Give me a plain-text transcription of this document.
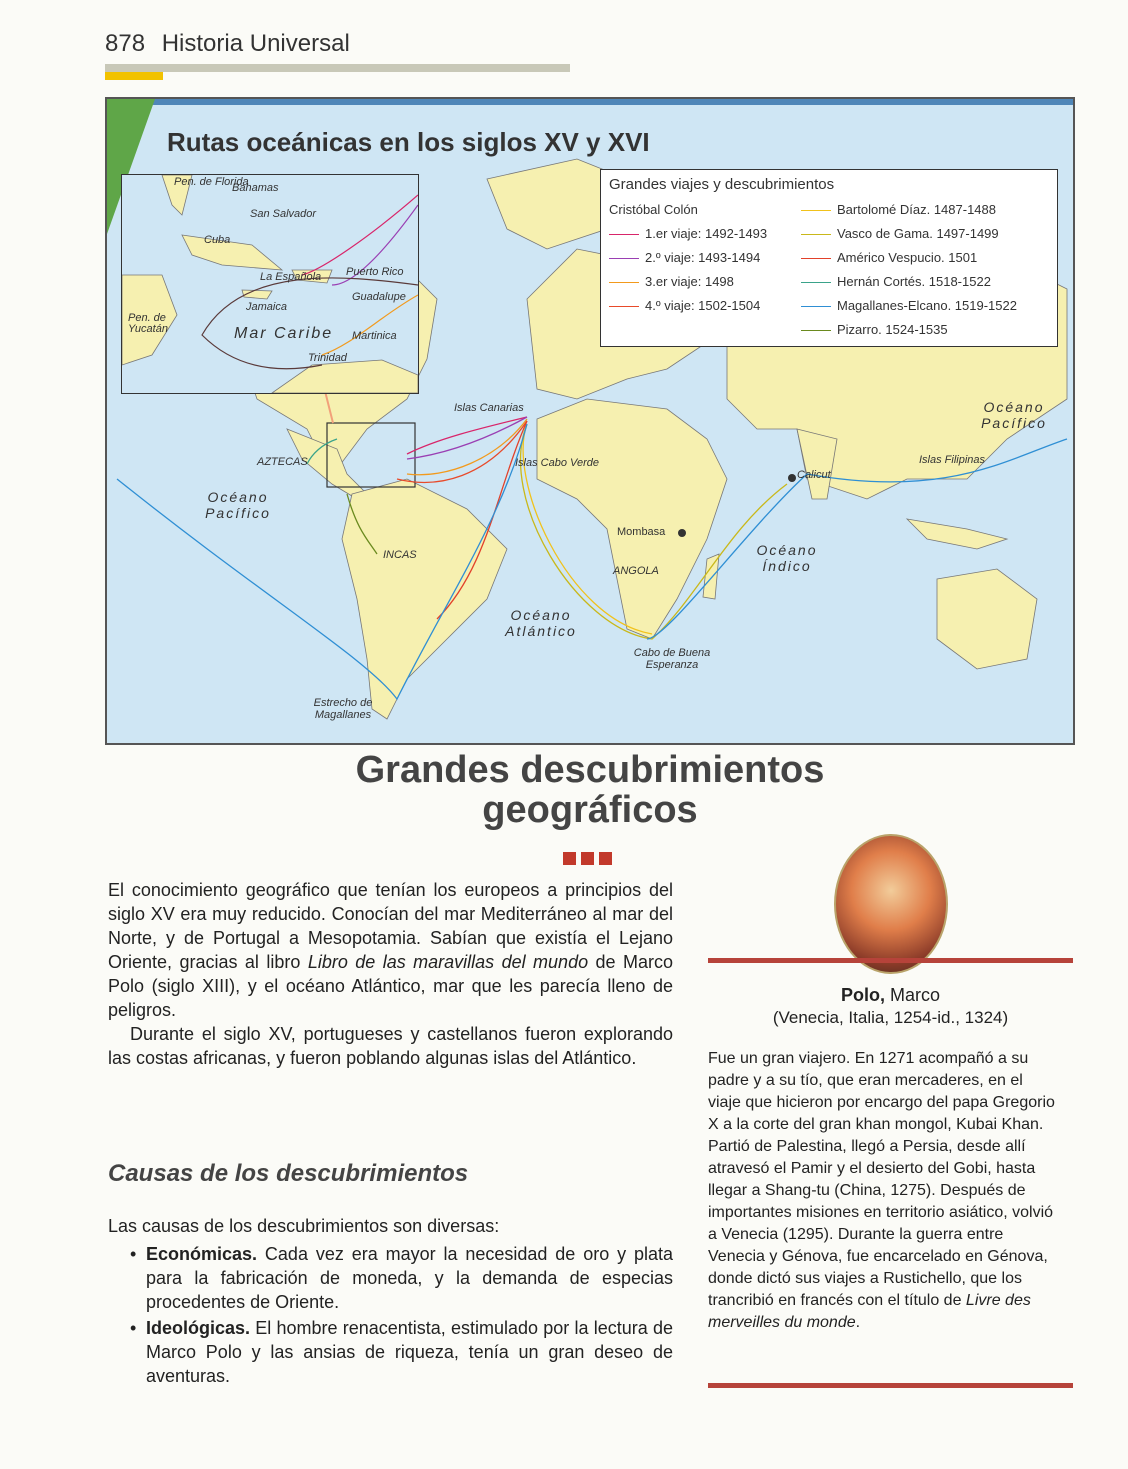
878 Historia Universal
Rutas oceánicas en los siglos XV y XVI
Pen. de Florida
Bahamas
San Salvador
Cuba
La Española Puerto Rico
Guadalupe
Jamaica
Pen. de Yucatán	Mar Caribe Martinica
Trinidad
Grandes viajes y descubrimientos
Cristóbal Colón
1.er viaje: 1492-1493
2.º viaje: 1493-1494
3.er viaje: 1498
4.º viaje: 1502-1504
Bartolomé Díaz. 1487-1488
Vasco de Gama. 1497-1499
Américo Vespucio. 1501
Hernán Cortés. 1518-1522
Magallanes-Elcano. 1519-1522
Pizarro. 1524-1535
Islas Canarias
AZTECAS	Islas Cabo Verde
Calicut
Islas Filipinas
Mombasa
ANGOLA
INCAS
Cabo de Buena Esperanza
Estrecho de Magallanes
Océano Pacífico
Océano Pacífico
Océano Atlántico
Océano Índico
Grandes descubrimientos geográficos

El conocimiento geográfico que tenían los europeos a principios del siglo XV era muy reducido. Conocían del mar Mediterráneo al mar del Norte, y de Portugal a Mesopotamia. Sabían que existía el Lejano Oriente, gracias al libro Libro de las maravillas del mundo de Marco Polo (siglo XIII), y el océano Atlántico, mar que les parecía lleno de peligros.

Durante el siglo XV, portugueses y castellanos fueron explorando las costas africanas, y fueron poblando algunas islas del Atlántico.

Causas de los descubrimientos
Las causas de los descubrimientos son diversas:
• Económicas. Cada vez era mayor la necesidad de oro y plata para la fabricación de moneda, y la demanda de especias procedentes de Oriente.
• Ideológicas. El hombre renacentista, estimulado por la lectura de Marco Polo y las ansias de riqueza, tenía un gran deseo de aventuras.
Polo, Marco
(Venecia, Italia, 1254-id., 1324)
Fue un gran viajero. En 1271 acompañó a su padre y a su tío, que eran mercaderes, en el viaje que hicieron por encargo del papa Gregorio X a la corte del gran khan mongol, Kubai Khan. Partió de Palestina, llegó a Persia, desde allí atravesó el Pamir y el desierto del Gobi, hasta llegar a Shang-tu (China, 1275). Después de importantes misiones en territorio asiático, volvió a Venecia (1295). Durante la guerra entre Venecia y Génova, fue encarcelado en Génova, donde dictó sus viajes a Rustichello, que los trancribió en francés con el título de Livre des merveilles du monde.
